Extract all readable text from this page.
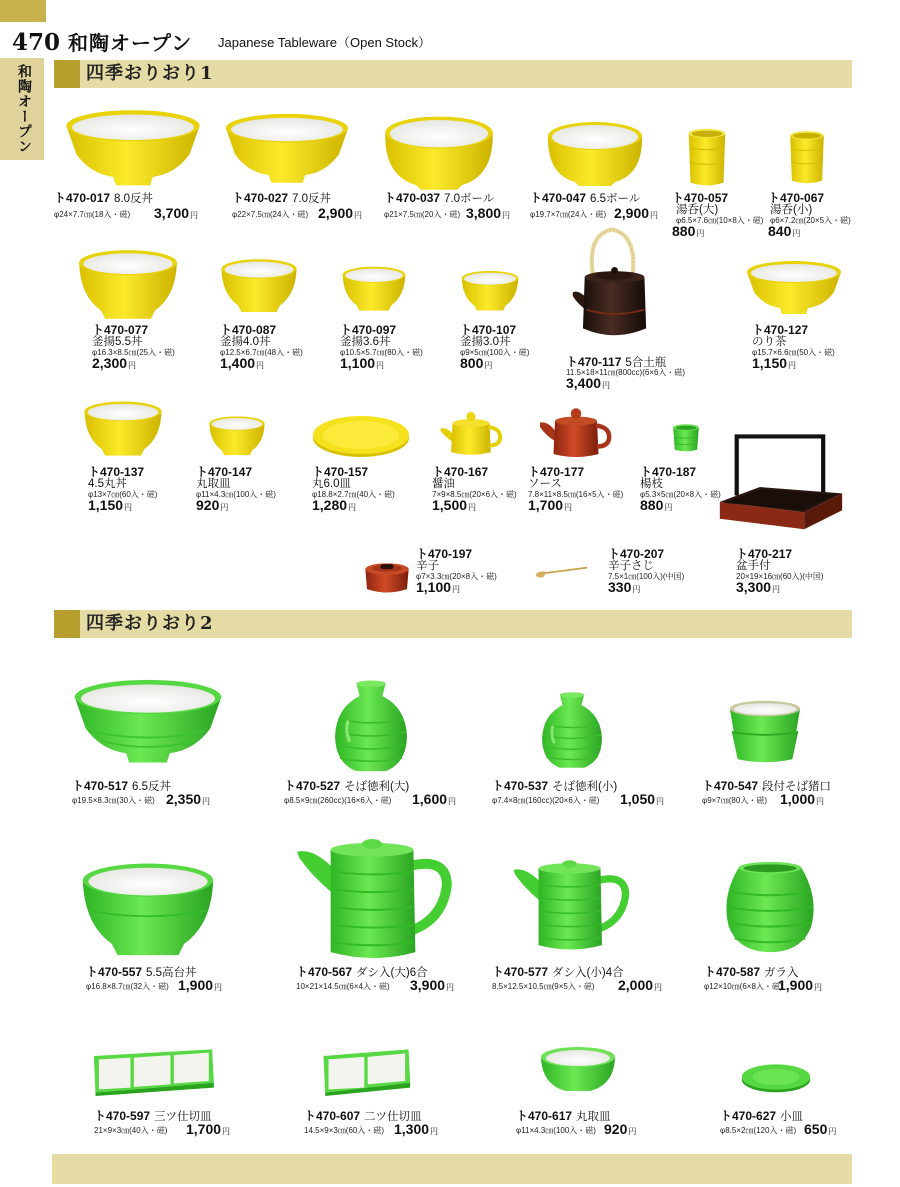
470 和陶オープン Japanese Tableware（Open Stock）
和陶オープン	四季おりおり1
四季おりおり2
ト470-017 8.0反丼
φ24×7.7㎝(18入・磁) 3,700円
ト470-027 7.0反丼
φ22×7.5㎝(24入・磁) 2,900円
ト470-037 7.0ボール
φ21×7.5㎝(20入・磁) 3,800円
ト470-047 6.5ボール
φ19.7×7㎝(24入・磁) 2,900円
ト470-057
湯呑(大)
φ6.5×7.6㎝(10×8入・磁)
880円
ト470-067
湯呑(小)
φ6×7.2㎝(20×5入・磁)
840円
ト470-077
釜揚5.5丼
φ16.3×8.5㎝(25入・磁)
2,300円
ト470-087
釜揚4.0丼
φ12.5×6.7㎝(48入・磁)
1,400円
ト470-097
釜揚3.6丼
φ10.5×5.7㎝(80入・磁)
1,100円
ト470-107
釜揚3.0丼
φ9×5㎝(100入・磁)
800円	ト470-117 5合土瓶
11.5×18×11㎝(800cc)(6×6入・磁)
3,400円
ト470-127
のり茶
φ15.7×6.6㎝(50入・磁)
1,150円
ト470-137
4.5丸丼
φ13×7㎝(60入・磁)
1,150円
ト470-147
丸取皿
φ11×4.3㎝(100入・磁)
920円
ト470-157
丸6.0皿
φ18.8×2.7㎝(40入・磁)
1,280円
ト470-167
醤油
7×9×8.5㎝(20×6入・磁)
1,500円
ト470-177
ソース
7.8×11×8.5㎝(16×5入・磁)
1,700円
ト470-187
楊枝
φ5.3×5㎝(20×8入・磁)
880円
ト470-197
辛子
φ7×3.3㎝(20×8入・磁)
1,100円
ト470-207
辛子さじ
7.5×1㎝(100入)(中国)
330円
ト470-217
盆手付
20×19×16㎝(60入)(中国)
3,300円
ト470-517 6.5反丼
φ19.5×8.3㎝(30入・磁) 2,350円
ト470-527 そば徳利(大)
φ8.5×9㎝(260cc)(16×6入・磁) 1,600円
ト470-537 そば徳利(小)
φ7.4×8㎝(160cc)(20×6入・磁) 1,050円
ト470-547 段付そば猪口
φ9×7㎝(80入・磁) 1,000円
ト470-557 5.5高台丼
φ16.8×8.7㎝(32入・磁) 1,900円
ト470-567 ダシ入(大)6合
10×21×14.5㎝(6×4入・磁) 3,900円
ト470-577 ダシ入(小)4合
8.5×12.5×10.5㎝(9×5入・磁) 2,000円
ト470-587 ガラ入
φ12×10㎝(6×8入・磁)
1,900円
ト470-597 三ツ仕切皿
21×9×3㎝(40入・磁) 1,700円
ト470-607 二ツ仕切皿
14.5×9×3㎝(60入・磁) 1,300円
ト470-617 丸取皿
φ11×4.3㎝(100入・磁) 920円
ト470-627 小皿
φ8.5×2㎝(120入・磁) 650円
